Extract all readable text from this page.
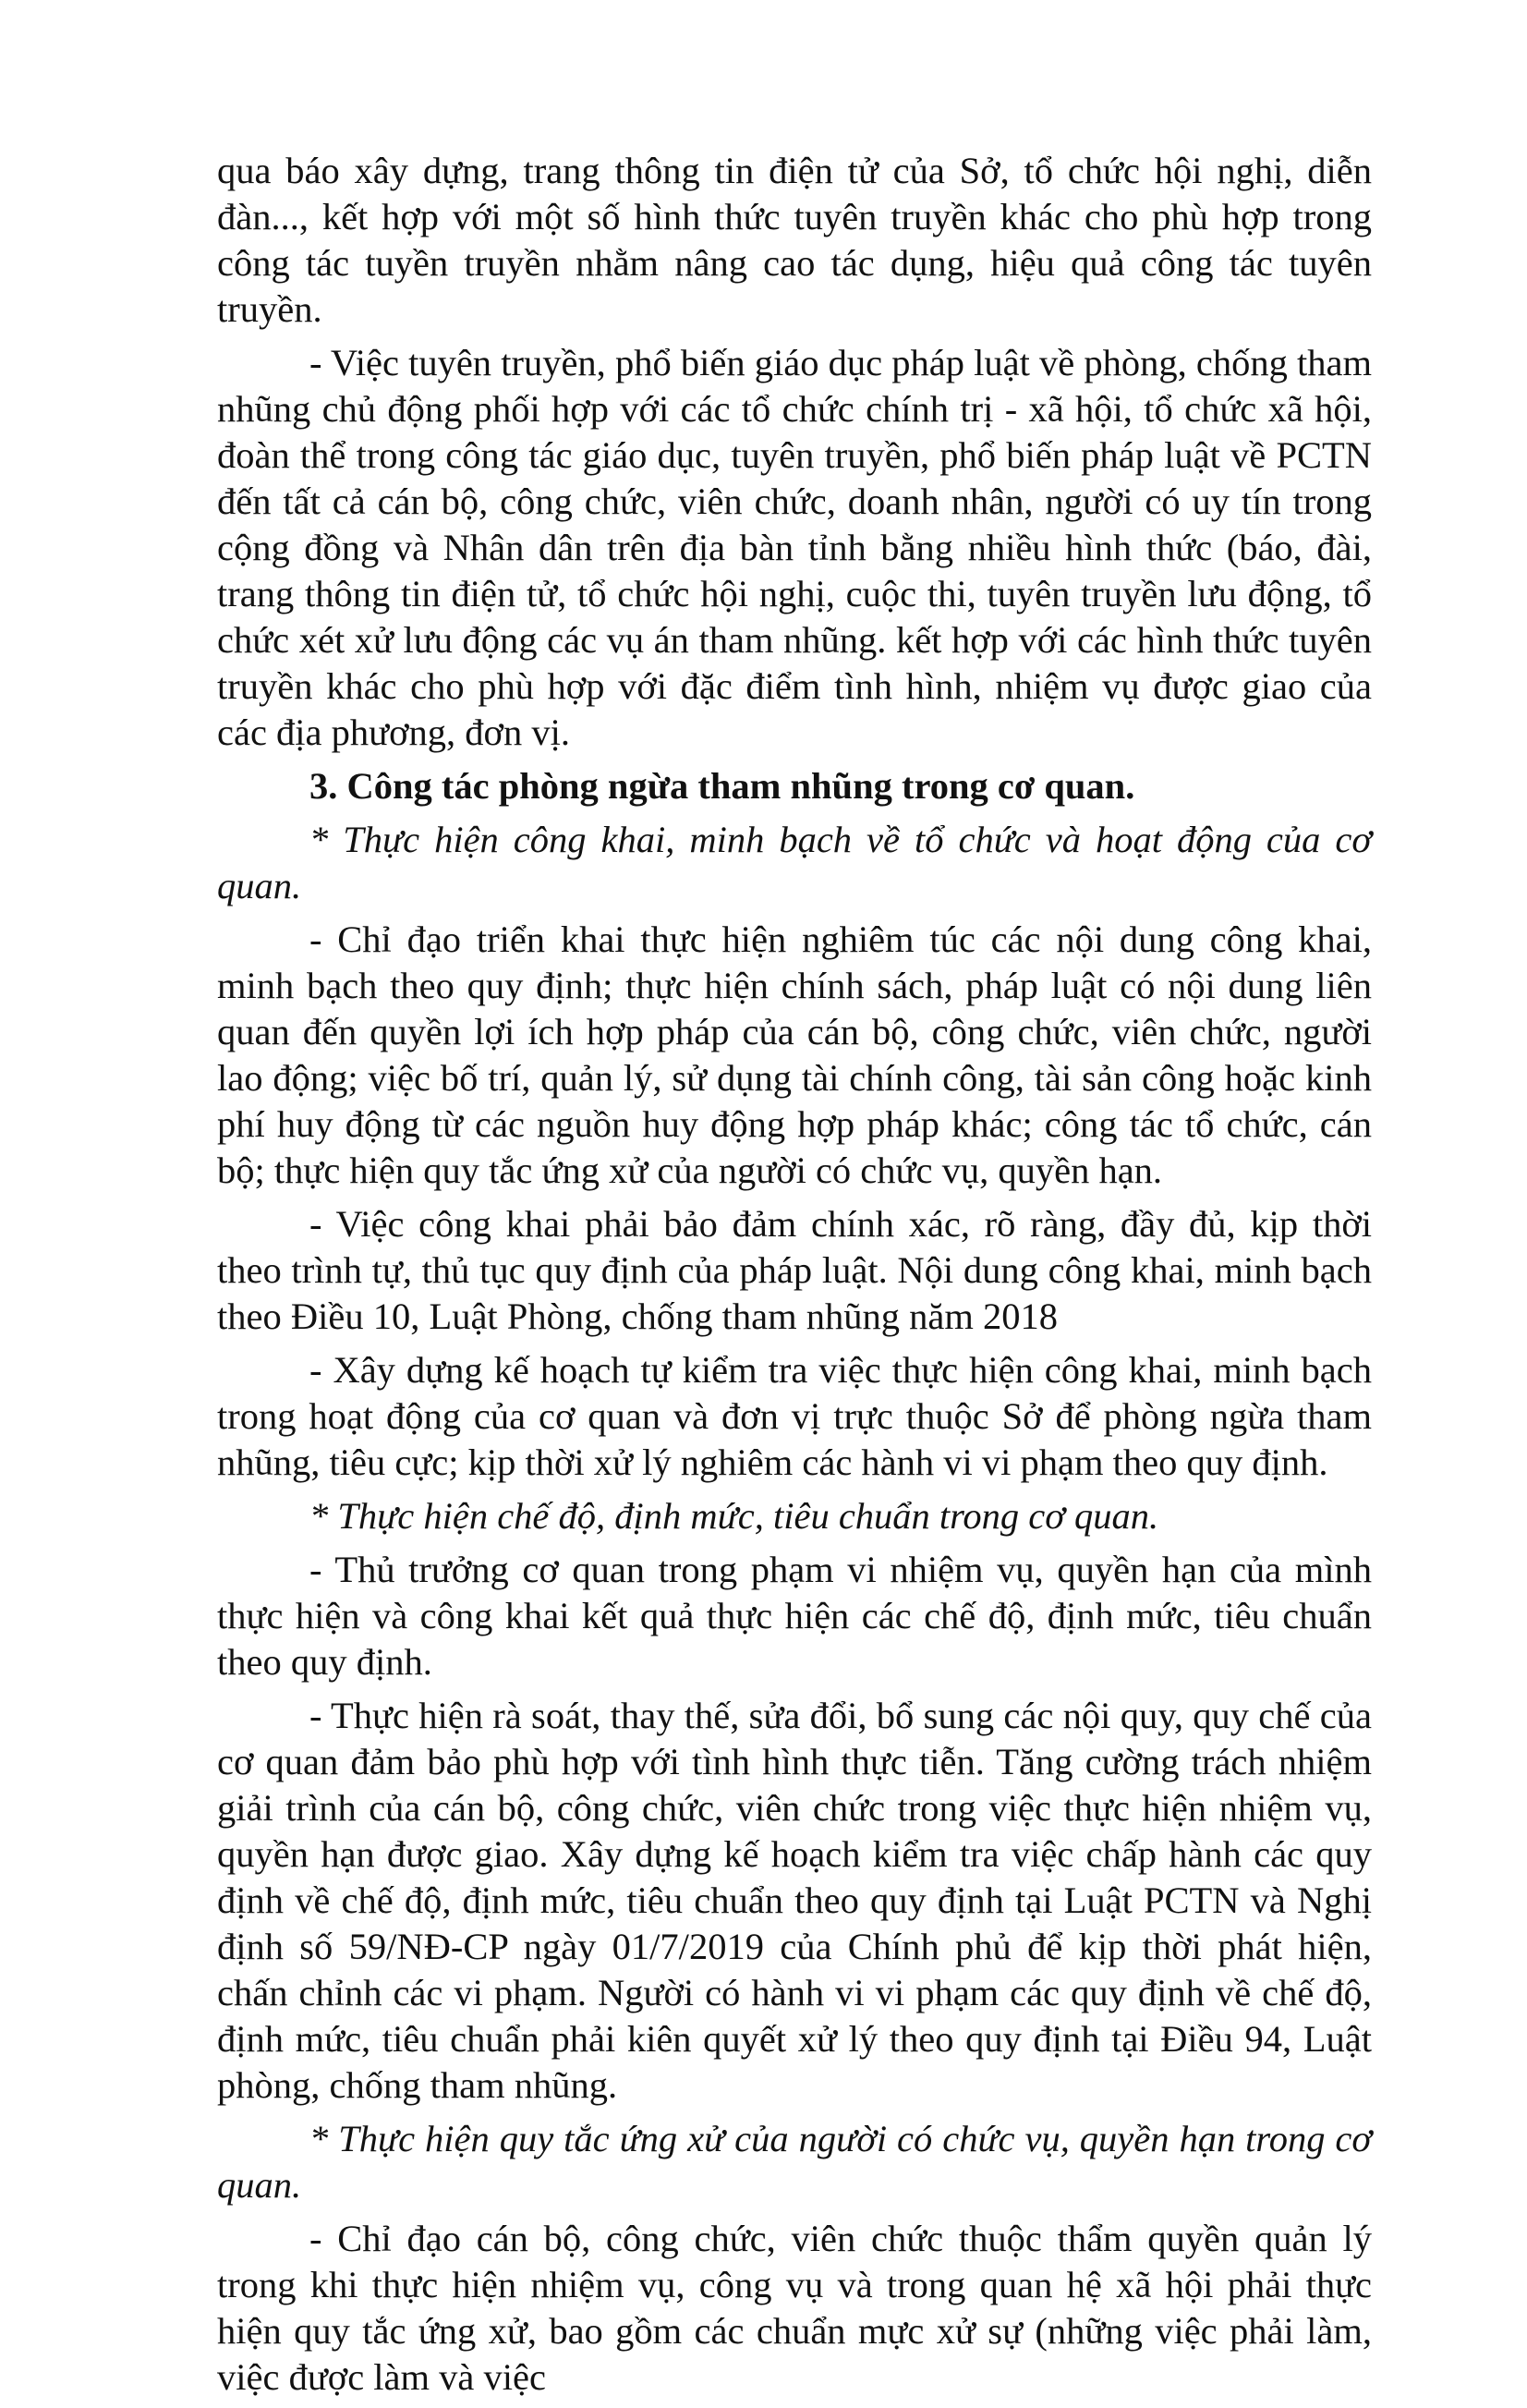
qua báo xây dựng, trang thông tin điện tử của Sở, tổ chức hội nghị, diễn đàn..., kết hợp với một số hình thức tuyên truyền khác cho phù hợp trong công tác tuyền truyền nhằm nâng cao tác dụng, hiệu quả công tác tuyên truyền.

- Việc tuyên truyền, phổ biến giáo dục pháp luật về phòng, chống tham nhũng chủ động phối hợp với các tổ chức chính trị - xã hội, tổ chức xã hội, đoàn thể trong công tác giáo dục, tuyên truyền, phổ biến pháp luật về PCTN đến tất cả cán bộ, công chức, viên chức, doanh nhân, người có uy tín trong cộng đồng và Nhân dân trên địa bàn tỉnh bằng nhiều hình thức (báo, đài, trang thông tin điện tử, tổ chức hội nghị, cuộc thi, tuyên truyền lưu động, tổ chức xét xử lưu động các vụ án tham nhũng. kết hợp với các hình thức tuyên truyền khác cho phù hợp với đặc điểm tình hình, nhiệm vụ được giao của các địa phương, đơn vị.

3. Công tác phòng ngừa tham nhũng trong cơ quan.

* Thực hiện công khai, minh bạch về tổ chức và hoạt động của cơ quan.

- Chỉ đạo triển khai thực hiện nghiêm túc các nội dung công khai, minh bạch theo quy định; thực hiện chính sách, pháp luật có nội dung liên quan đến quyền lợi ích hợp pháp của cán bộ, công chức, viên chức, người lao động; việc bố trí, quản lý, sử dụng tài chính công, tài sản công hoặc kinh phí huy động từ các nguồn huy động hợp pháp khác; công tác tổ chức, cán bộ; thực hiện quy tắc ứng xử của người có chức vụ, quyền hạn.

- Việc công khai phải bảo đảm chính xác, rõ ràng, đầy đủ, kịp thời theo trình tự, thủ tục quy định của pháp luật. Nội dung công khai, minh bạch theo Điều 10, Luật Phòng, chống tham nhũng năm 2018

- Xây dựng kế hoạch tự kiểm tra việc thực hiện công khai, minh bạch trong hoạt động của cơ quan và đơn vị trực thuộc Sở để phòng ngừa tham nhũng, tiêu cực; kịp thời xử lý nghiêm các hành vi vi phạm theo quy định.

* Thực hiện chế độ, định mức, tiêu chuẩn trong cơ quan.

- Thủ trưởng cơ quan trong phạm vi nhiệm vụ, quyền hạn của mình thực hiện và công khai kết quả thực hiện các chế độ, định mức, tiêu chuẩn theo quy định.

- Thực hiện rà soát, thay thế, sửa đổi, bổ sung các nội quy, quy chế của cơ quan đảm bảo phù hợp với tình hình thực tiễn. Tăng cường trách nhiệm giải trình của cán bộ, công chức, viên chức trong việc thực hiện nhiệm vụ, quyền hạn được giao. Xây dựng kế hoạch kiểm tra việc chấp hành các quy định về chế độ, định mức, tiêu chuẩn theo quy định tại Luật PCTN và Nghị định số 59/NĐ-CP ngày 01/7/2019 của Chính phủ để kịp thời phát hiện, chấn chỉnh các vi phạm. Người có hành vi vi phạm các quy định về chế độ, định mức, tiêu chuẩn phải kiên quyết xử lý theo quy định tại Điều 94, Luật phòng, chống tham nhũng.

* Thực hiện quy tắc ứng xử của người có chức vụ, quyền hạn trong cơ quan.

- Chỉ đạo cán bộ, công chức, viên chức thuộc thẩm quyền quản lý trong khi thực hiện nhiệm vụ, công vụ và trong quan hệ xã hội phải thực hiện quy tắc ứng xử, bao gồm các chuẩn mực xử sự (những việc phải làm, việc được làm và việc
